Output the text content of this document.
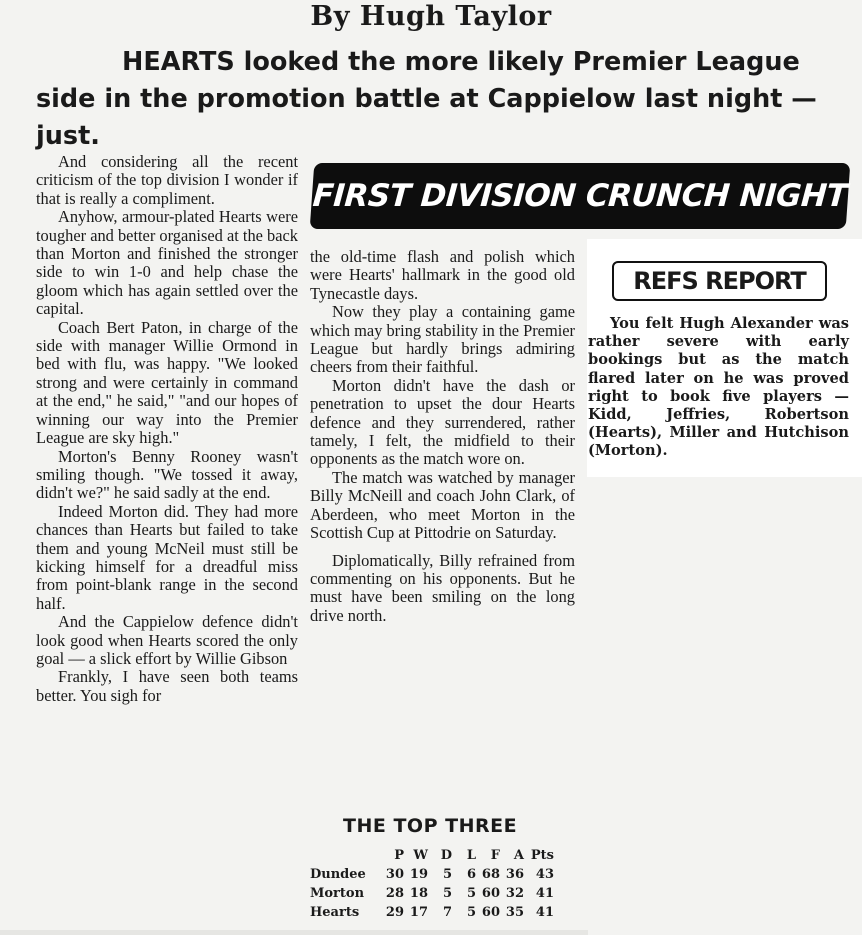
By Hugh Taylor
HEARTS looked the more likely Premier League side in the promotion battle at Cappielow last night — just.

And considering all the recent criticism of the top division I wonder if that is really a compliment.

Anyhow, armour-plated Hearts were tougher and better organised at the back than Morton and finished the stronger side to win 1-0 and help chase the gloom which has again settled over the capital.

Coach Bert Paton, in charge of the side with manager Willie Ormond in bed with flu, was happy. "We looked strong and were certainly in command at the end," he said," "and our hopes of winning our way into the Premier League are sky high."

Morton's Benny Rooney wasn't smiling though. "We tossed it away, didn't we?" he said sadly at the end.

Indeed Morton did. They had more chances than Hearts but failed to take them and young McNeil must still be kicking himself for a dreadful miss from point-blank range in the second half.

And the Cappielow defence didn't look good when Hearts scored the only goal — a slick effort by Willie Gibson

Frankly, I have seen both teams better. You sigh for

FIRST DIVISION CRUNCH NIGHT

the old-time flash and polish which were Hearts' hallmark in the good old Tynecastle days.

Now they play a containing game which may bring stability in the Premier League but hardly brings admiring cheers from their faithful.

Morton didn't have the dash or penetration to upset the dour Hearts defence and they surrendered, rather tamely, I felt, the midfield to their opponents as the match wore on.

The match was watched by manager Billy McNeill and coach John Clark, of Aberdeen, who meet Morton in the Scottish Cup at Pittodrie on Saturday.

Diplomatically, Billy refrained from commenting on his opponents. But he must have been smiling on the long drive north.

REFS REPORT
You felt Hugh Alexander was rather severe with early bookings but as the match flared later on he was proved right to book five players — Kidd, Jeffries, Robertson (Hearts), Miller and Hutchison (Morton).
THE TOP THREE
	P	W	D	L	F	A	Pts
Dundee	30	19	5	6	68	36	43
Morton	28	18	5	5	60	32	41
Hearts	29	17	7	5	60	35	41
